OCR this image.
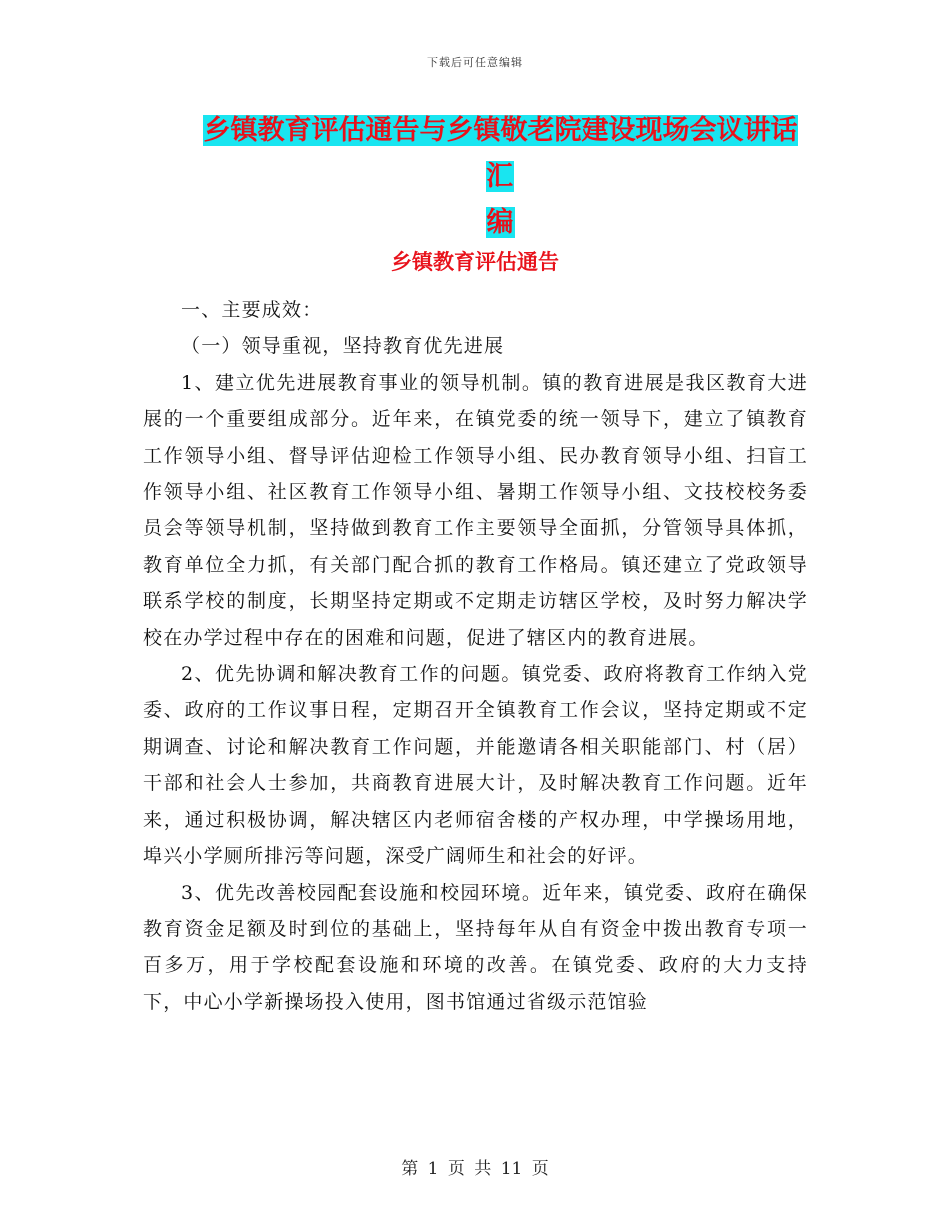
下载后可任意编辑
乡镇教育评估通告与乡镇敬老院建设现场会议讲话汇
编
乡镇教育评估通告

一、主要成效：

（一）领导重视，坚持教育优先进展

1、建立优先进展教育事业的领导机制。镇的教育进展是我区教育大进展的一个重要组成部分。近年来，在镇党委的统一领导下，建立了镇教育工作领导小组、督导评估迎检工作领导小组、民办教育领导小组、扫盲工作领导小组、社区教育工作领导小组、暑期工作领导小组、文技校校务委员会等领导机制，坚持做到教育工作主要领导全面抓，分管领导具体抓，教育单位全力抓，有关部门配合抓的教育工作格局。镇还建立了党政领导联系学校的制度，长期坚持定期或不定期走访辖区学校，及时努力解决学校在办学过程中存在的困难和问题，促进了辖区内的教育进展。

2、优先协调和解决教育工作的问题。镇党委、政府将教育工作纳入党委、政府的工作议事日程，定期召开全镇教育工作会议，坚持定期或不定期调查、讨论和解决教育工作问题，并能邀请各相关职能部门、村（居）干部和社会人士参加，共商教育进展大计，及时解决教育工作问题。近年来，通过积极协调，解决辖区内老师宿舍楼的产权办理，中学操场用地，埠兴小学厕所排污等问题，深受广阔师生和社会的好评。

3、优先改善校园配套设施和校园环境。近年来，镇党委、政府在确保教育资金足额及时到位的基础上，坚持每年从自有资金中拨出教育专项一百多万，用于学校配套设施和环境的改善。在镇党委、政府的大力支持下，中心小学新操场投入使用，图书馆通过省级示范馆验

第 1 页 共 11 页
